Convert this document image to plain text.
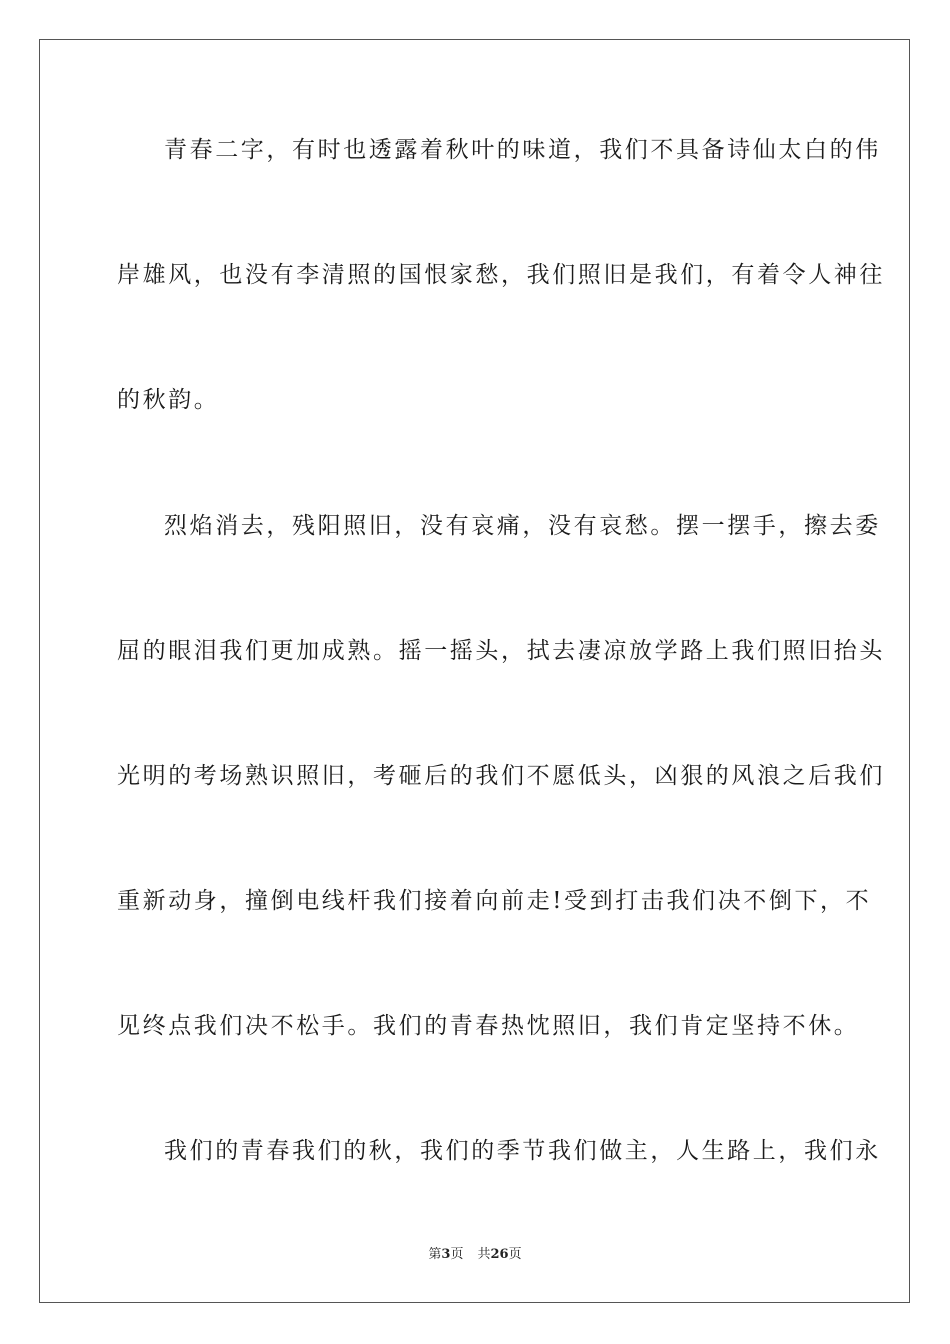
青春二字，有时也透露着秋叶的味道，我们不具备诗仙太白的伟
岸雄风，也没有李清照的国恨家愁，我们照旧是我们，有着令人神往
的秋韵。
烈焰消去，残阳照旧，没有哀痛，没有哀愁。摆一摆手，擦去委
屈的眼泪我们更加成熟。摇一摇头，拭去凄凉放学路上我们照旧抬头
光明的考场熟识照旧，考砸后的我们不愿低头，凶狠的风浪之后我们
重新动身，撞倒电线杆我们接着向前走!受到打击我们决不倒下，不
见终点我们决不松手。我们的青春热忱照旧，我们肯定坚持不休。
我们的青春我们的秋，我们的季节我们做主，人生路上，我们永
第3页 共26页
